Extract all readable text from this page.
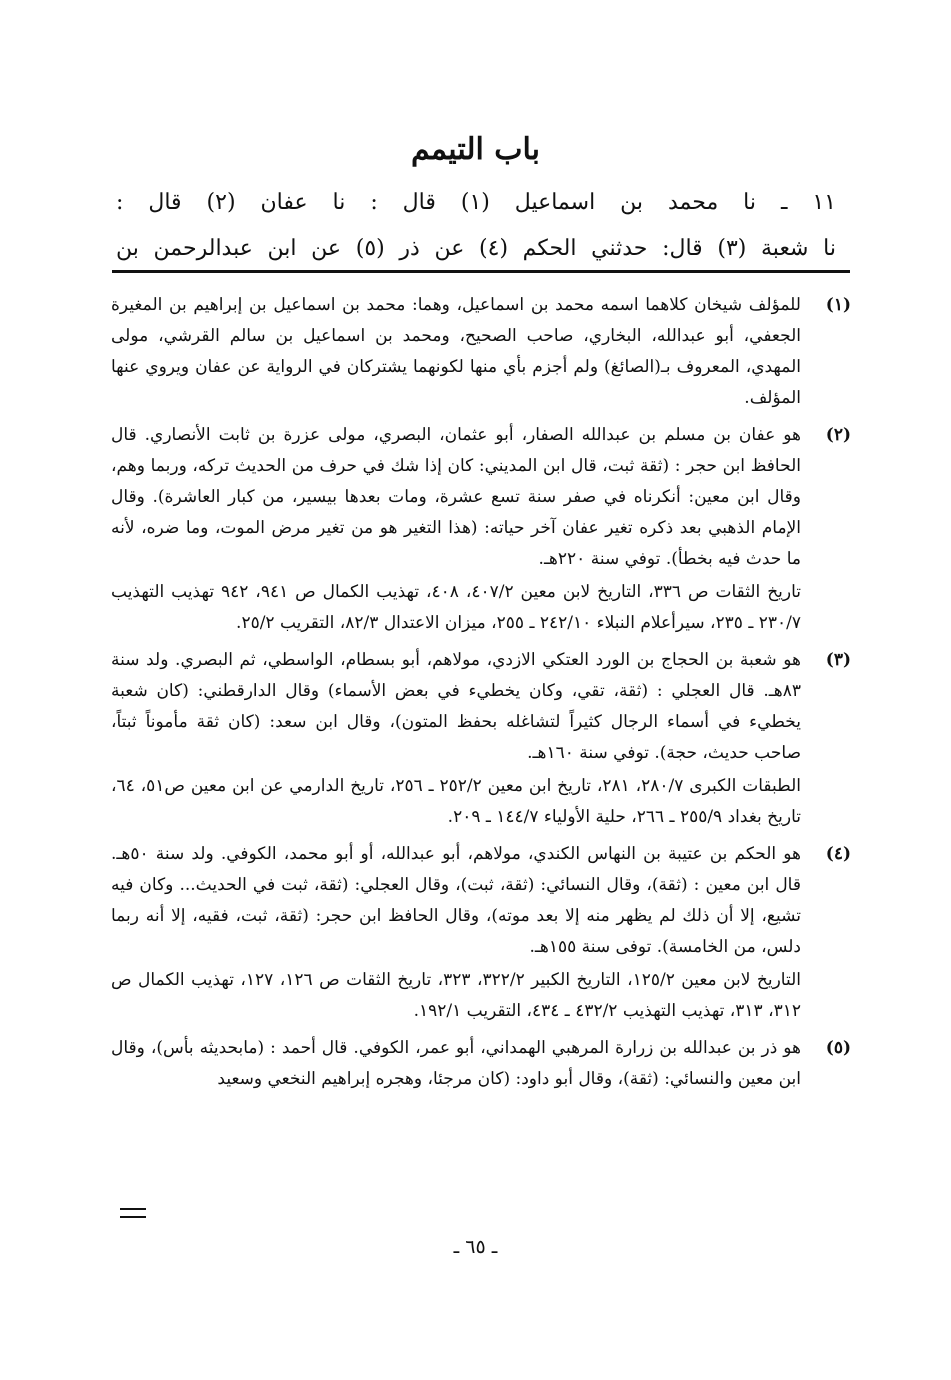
باب التيمم

١١ ـ نا محمد بن اسماعيل (١) قال : نا عفان (٢) قال :

نا شعبة (٣) قال: حدثني الحكم (٤) عن ذر (٥) عن ابن عبدالرحمن بن

(١)
للمؤلف شيخان كلاهما اسمه محمد بن اسماعيل، وهما: محمد بن اسماعيل بن إبراهيم بن المغيرة الجعفي، أبو عبدالله، البخاري، صاحب الصحيح، ومحمد بن اسماعيل بن سالم القرشي، مولى المهدي، المعروف بـ(الصائغ) ولم أجزم بأي منها لكونهما يشتركان في الرواية عن عفان ويروي عنها المؤلف.
(٢)
هو عفان بن مسلم بن عبدالله الصفار، أبو عثمان، البصري، مولى عزرة بن ثابت الأنصاري. قال الحافظ ابن حجر : (ثقة ثبت، قال ابن المديني: كان إذا شك في حرف من الحديث تركه، وربما وهم، وقال ابن معين: أنكرناه في صفر سنة تسع عشرة، ومات بعدها بيسير، من كبار العاشرة). وقال الإمام الذهبي بعد ذكره تغير عفان آخر حياته: (هذا التغير هو من تغير مرض الموت، وما ضره، لأنه ما حدث فيه بخطأ). توفي سنة ٢٢٠هـ.
تاريخ الثقات ص ٣٣٦، التاريخ لابن معين ٤٠٧/٢، ٤٠٨، تهذيب الكمال ص ٩٤١، ٩٤٢ تهذيب التهذيب ٢٣٠/٧ ـ ٢٣٥، سيرأعلام النبلاء ٢٤٢/١٠ ـ ٢٥٥، ميزان الاعتدال ٨٢/٣، التقريب ٢٥/٢.
(٣)
هو شعبة بن الحجاج بن الورد العتكي الازدي، مولاهم، أبو بسطام، الواسطي، ثم البصري. ولد سنة ٨٣هـ. قال العجلي : (ثقة، تقي، وكان يخطيء في بعض الأسماء) وقال الدارقطني: (كان شعبة يخطيء في أسماء الرجال كثيراً لتشاغله بحفظ المتون)، وقال ابن سعد: (كان ثقة مأموناً ثبتاً، صاحب حديث، حجة). توفي سنة ١٦٠هـ.
الطبقات الكبرى ٢٨٠/٧، ٢٨١، تاريخ ابن معين ٢٥٢/٢ ـ ٢٥٦، تاريخ الدارمي عن ابن معين ص٥١، ٦٤، تاريخ بغداد ٢٥٥/٩ ـ ٢٦٦، حلية الأولياء ١٤٤/٧ ـ ٢٠٩.
(٤)
هو الحكم بن عتيبة بن النهاس الكندي، مولاهم، أبو عبدالله، أو أبو محمد، الكوفي. ولد سنة ٥٠هـ. قال ابن معين : (ثقة)، وقال النسائي: (ثقة، ثبت)، وقال العجلي: (ثقة، ثبت في الحديث... وكان فيه تشيع، إلا أن ذلك لم يظهر منه إلا بعد موته)، وقال الحافظ ابن حجر: (ثقة، ثبت، فقيه، إلا أنه ربما دلس، من الخامسة). توفى سنة ١٥٥هـ.
التاريخ لابن معين ١٢٥/٢، التاريخ الكبير ٣٢٢/٢، ٣٢٣، تاريخ الثقات ص ١٢٦، ١٢٧، تهذيب الكمال ص ٣١٢، ٣١٣، تهذيب التهذيب ٤٣٢/٢ ـ ٤٣٤، التقريب ١٩٢/١.
(٥)
هو ذر بن عبدالله بن زرارة المرهبي الهمداني، أبو عمر، الكوفي. قال أحمد : (مابحديثه بأس)، وقال ابن معين والنسائي: (ثقة)، وقال أبو داود: (كان مرجئا، وهجره إبراهيم النخعي وسعيد
ـ ٦٥ ـ
